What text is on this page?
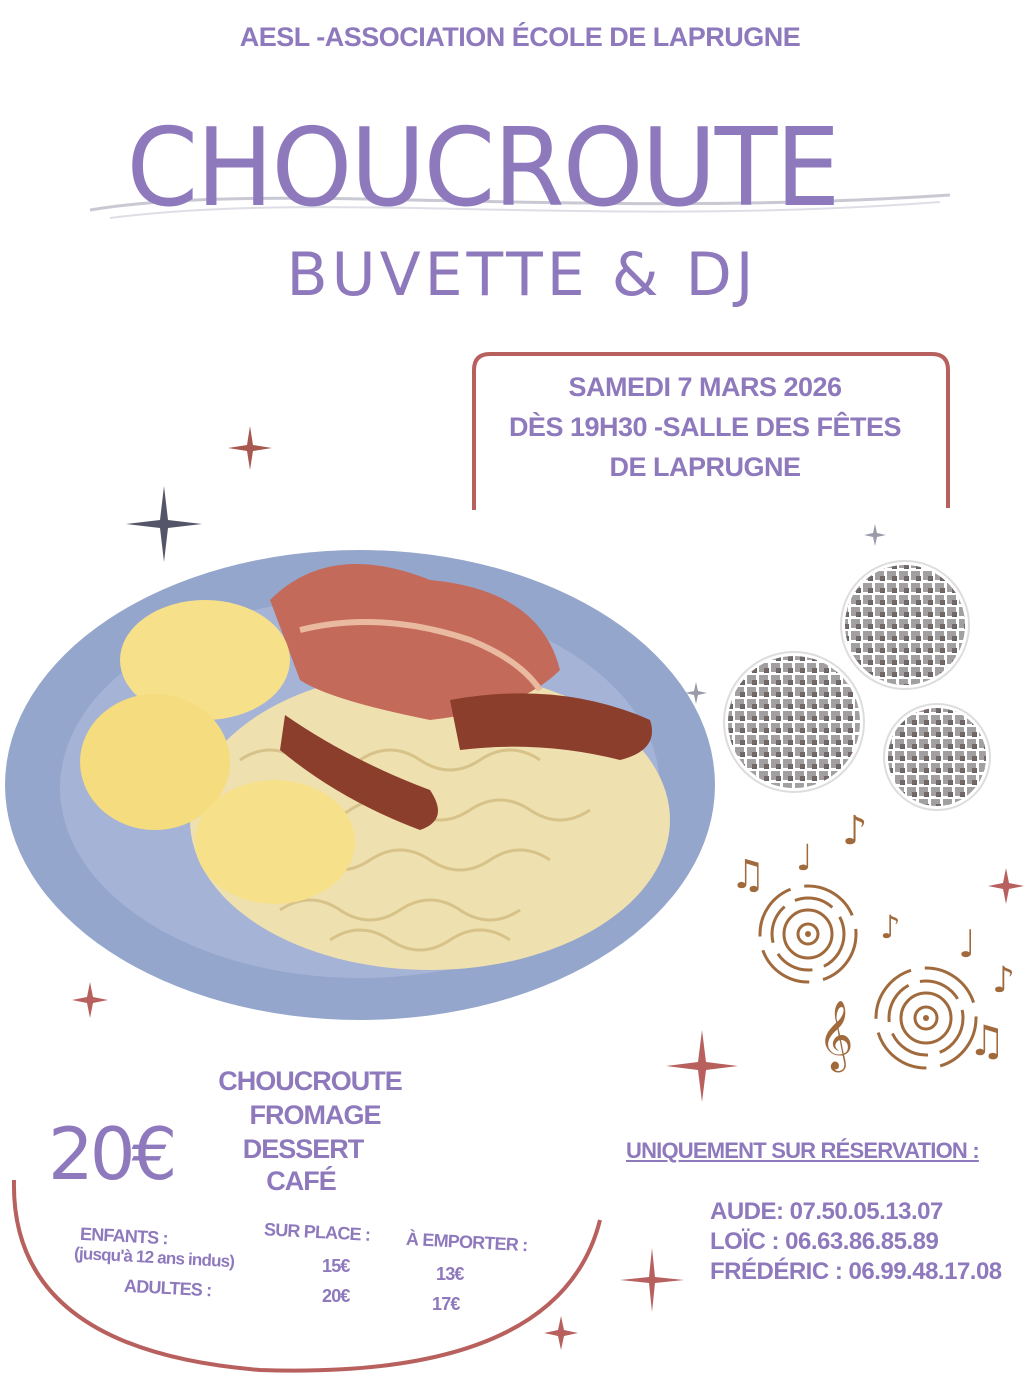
AESL -ASSOCIATION ÉCOLE DE LAPRUGNE
CHOUCROUTE
BUVETTE & DJ
SAMEDI 7 MARS 2026
DÈS 19H30 -SALLE DES FÊTES
DE LAPRUGNE
♫ ♩
♪
♪ ♩
♪
♫
𝄞
20€
CHOUCROUTE
FROMAGE
DESSERT
CAFÉ
SUR PLACE : À EMPORTER :
ENFANTS :
(jusqu'à 12 ans indus)
ADULTES :
15€	13€
20€	17€
UNIQUEMENT SUR RÉSERVATION :
AUDE: 07.50.05.13.07
LOÏC : 06.63.86.85.89
FRÉDÉRIC : 06.99.48.17.08
